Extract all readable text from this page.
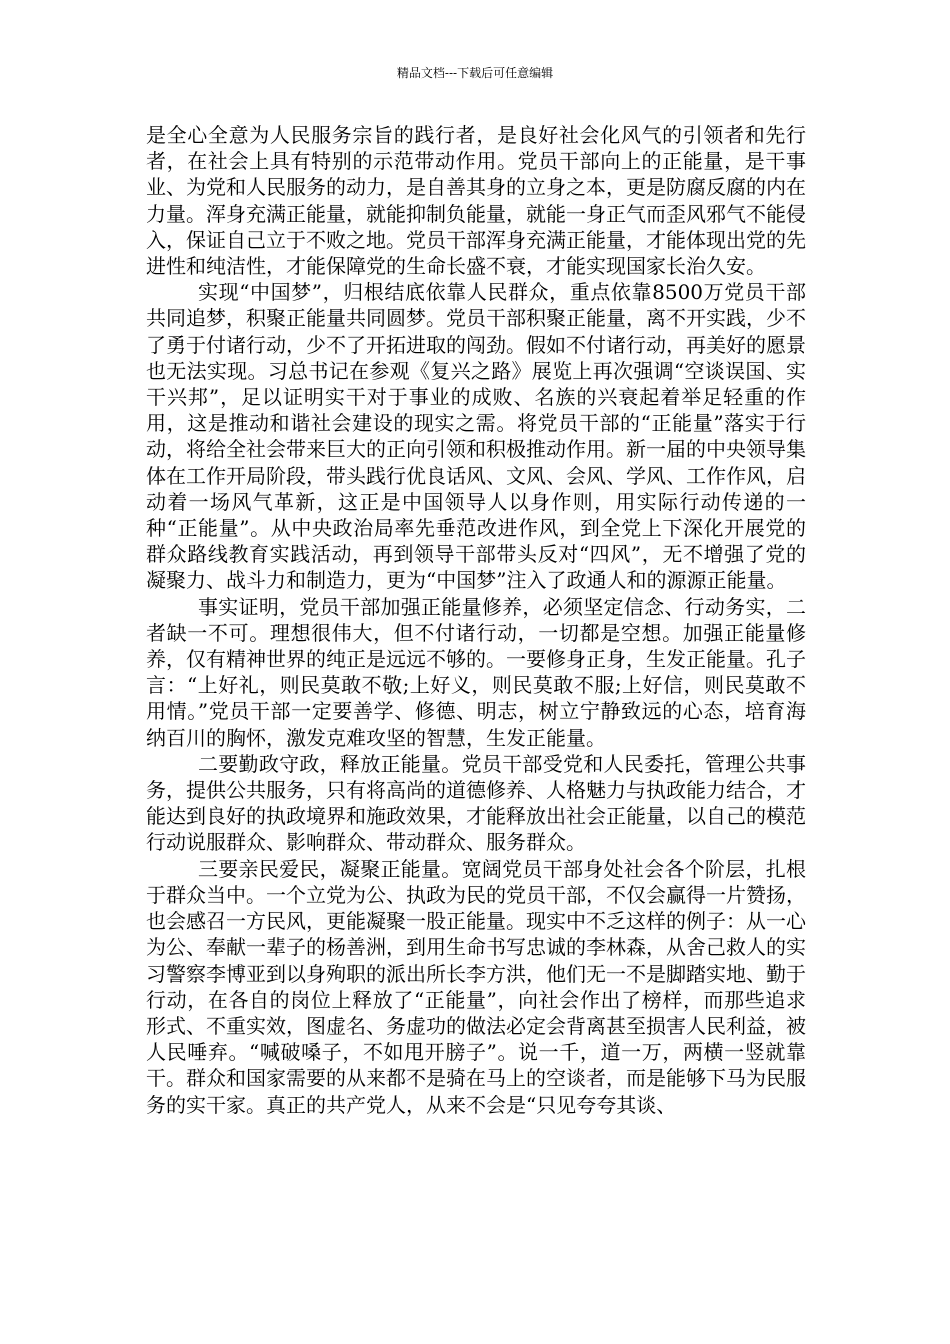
精品文档---下载后可任意编辑

是全心全意为人民服务宗旨的践行者，是良好社会化风气的引领者和先行者，在社会上具有特别的示范带动作用。党员干部向上的正能量，是干事业、为党和人民服务的动力，是自善其身的立身之本，更是防腐反腐的内在力量。浑身充满正能量，就能抑制负能量，就能一身正气而歪风邪气不能侵入，保证自己立于不败之地。党员干部浑身充满正能量，才能体现出党的先进性和纯洁性，才能保障党的生命长盛不衰，才能实现国家长治久安。

实现“中国梦”，归根结底依靠人民群众，重点依靠8500万党员干部共同追梦，积聚正能量共同圆梦。党员干部积聚正能量，离不开实践，少不了勇于付诸行动，少不了开拓进取的闯劲。假如不付诸行动，再美好的愿景也无法实现。习总书记在参观《复兴之路》展览上再次强调“空谈误国、实干兴邦”，足以证明实干对于事业的成败、名族的兴衰起着举足轻重的作用，这是推动和谐社会建设的现实之需。将党员干部的“正能量”落实于行动，将给全社会带来巨大的正向引领和积极推动作用。新一届的中央领导集体在工作开局阶段，带头践行优良话风、文风、会风、学风、工作作风，启动着一场风气革新，这正是中国领导人以身作则，用实际行动传递的一种“正能量”。从中央政治局率先垂范改进作风，到全党上下深化开展党的群众路线教育实践活动，再到领导干部带头反对“四风”，无不增强了党的凝聚力、战斗力和制造力，更为“中国梦”注入了政通人和的源源正能量。

事实证明，党员干部加强正能量修养，必须坚定信念、行动务实，二者缺一不可。理想很伟大，但不付诸行动，一切都是空想。加强正能量修养，仅有精神世界的纯正是远远不够的。一要修身正身，生发正能量。孔子言：“上好礼，则民莫敢不敬;上好义，则民莫敢不服;上好信，则民莫敢不用情。”党员干部一定要善学、修德、明志，树立宁静致远的心态，培育海纳百川的胸怀，激发克难攻坚的智慧，生发正能量。

二要勤政守政，释放正能量。党员干部受党和人民委托，管理公共事务，提供公共服务，只有将高尚的道德修养、人格魅力与执政能力结合，才能达到良好的执政境界和施政效果，才能释放出社会正能量，以自己的模范行动说服群众、影响群众、带动群众、服务群众。

三要亲民爱民，凝聚正能量。宽阔党员干部身处社会各个阶层，扎根于群众当中。一个立党为公、执政为民的党员干部，不仅会赢得一片赞扬，也会感召一方民风，更能凝聚一股正能量。现实中不乏这样的例子：从一心为公、奉献一辈子的杨善洲，到用生命书写忠诚的李林森，从舍己救人的实习警察李博亚到以身殉职的派出所长李方洪，他们无一不是脚踏实地、勤于行动，在各自的岗位上释放了“正能量”，向社会作出了榜样，而那些追求形式、不重实效，图虚名、务虚功的做法必定会背离甚至损害人民利益，被人民唾弃。“喊破嗓子，不如甩开膀子”。说一千，道一万，两横一竖就靠干。群众和国家需要的从来都不是骑在马上的空谈者，而是能够下马为民服务的实干家。真正的共产党人，从来不会是“只见夸夸其谈、
